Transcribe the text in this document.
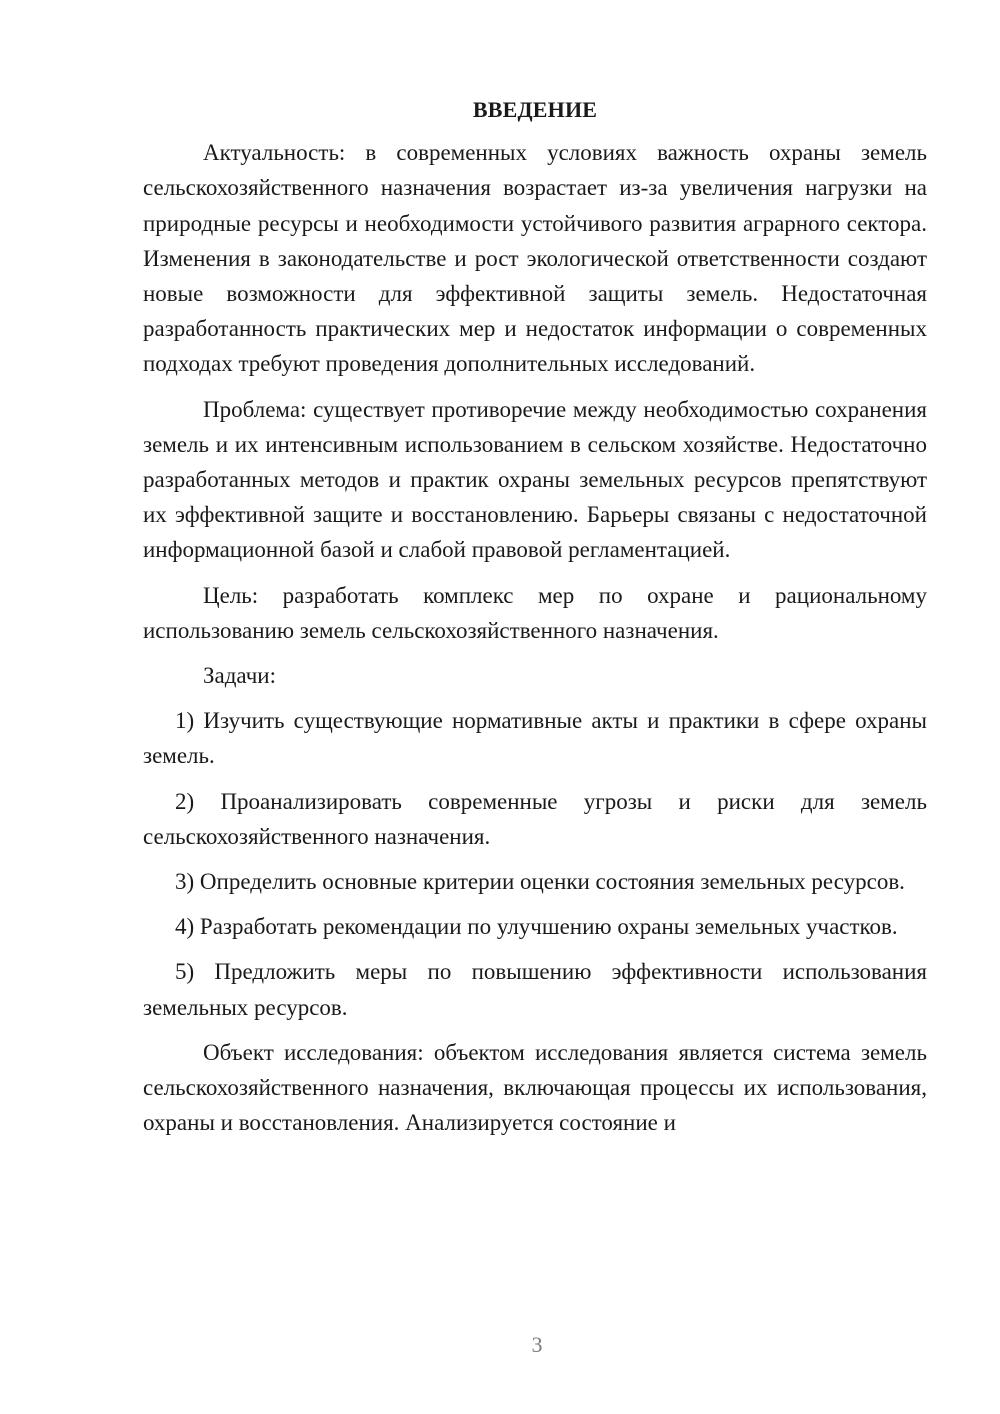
ВВЕДЕНИЕ

Актуальность: в современных условиях важность охраны земель сельскохозяйственного назначения возрастает из-за увеличения нагрузки на природные ресурсы и необходимости устойчивого развития аграрного сектора. Изменения в законодательстве и рост экологической ответственности создают новые возможности для эффективной защиты земель. Недостаточная разработанность практических мер и недостаток информации о современных подходах требуют проведения дополнительных исследований.

Проблема: существует противоречие между необходимостью сохранения земель и их интенсивным использованием в сельском хозяйстве. Недостаточно разработанных методов и практик охраны земельных ресурсов препятствуют их эффективной защите и восстановлению. Барьеры связаны с недостаточной информационной базой и слабой правовой регламентацией.

Цель: разработать комплекс мер по охране и рациональному использованию земель сельскохозяйственного назначения.

Задачи:

1) Изучить существующие нормативные акты и практики в сфере охраны земель.

2) Проанализировать современные угрозы и риски для земель сельскохозяйственного назначения.

3) Определить основные критерии оценки состояния земельных ресурсов.

4) Разработать рекомендации по улучшению охраны земельных участков.

5) Предложить меры по повышению эффективности использования земельных ресурсов.

Объект исследования: объектом исследования является система земель сельскохозяйственного назначения, включающая процессы их использования, охраны и восстановления. Анализируется состояние и

3
